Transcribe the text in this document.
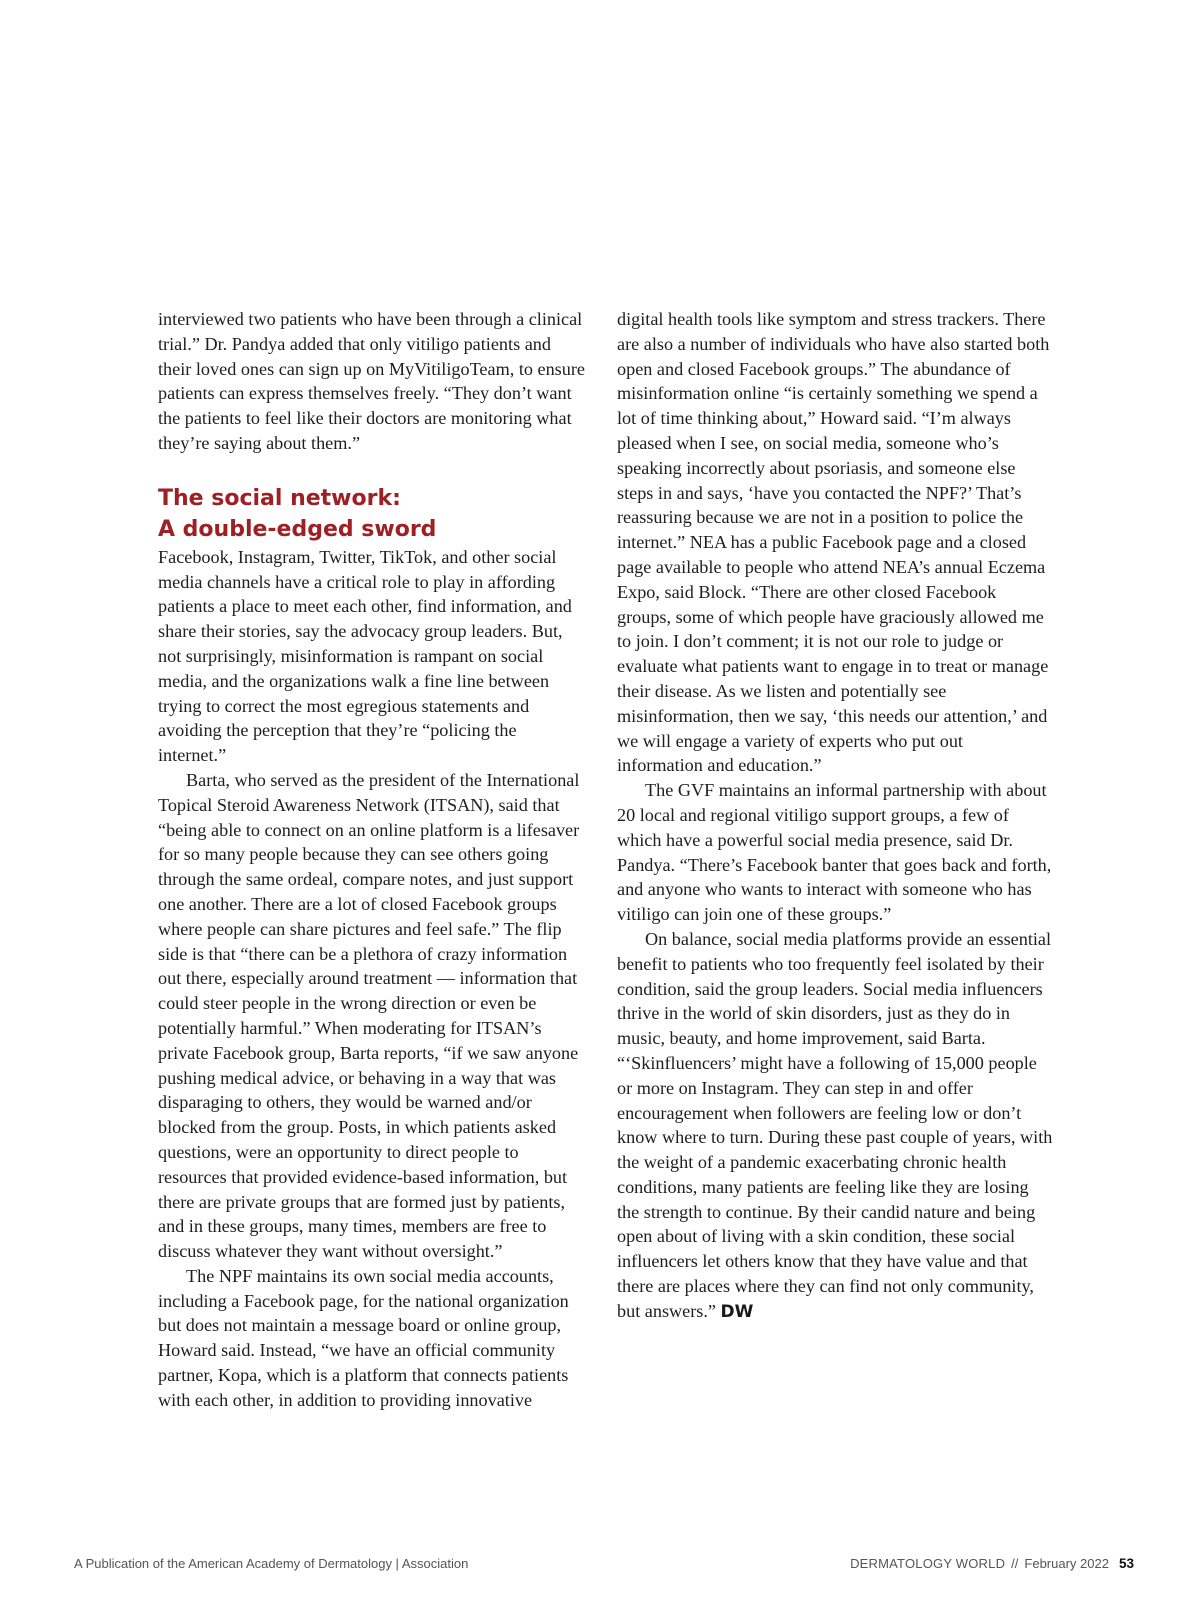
interviewed two patients who have been through a clinical trial.” Dr. Pandya added that only vitiligo patients and their loved ones can sign up on MyVitiligoTeam, to ensure patients can express themselves freely. “They don’t want the patients to feel like their doctors are monitoring what they’re saying about them.”

The social network:
A double-edged sword

Facebook, Instagram, Twitter, TikTok, and other social media channels have a critical role to play in affording patients a place to meet each other, find information, and share their stories, say the advocacy group leaders. But, not surprisingly, misinformation is rampant on social media, and the organizations walk a fine line between trying to correct the most egregious statements and avoiding the perception that they’re “policing the internet.”

Barta, who served as the president of the International Topical Steroid Awareness Network (ITSAN), said that “being able to connect on an online platform is a lifesaver for so many people because they can see others going through the same ordeal, compare notes, and just support one another. There are a lot of closed Facebook groups where people can share pictures and feel safe.” The flip side is that “there can be a plethora of crazy information out there, especially around treatment — information that could steer people in the wrong direction or even be potentially harmful.” When moderating for ITSAN’s private Facebook group, Barta reports, “if we saw anyone pushing medical advice, or behaving in a way that was disparaging to others, they would be warned and/or blocked from the group. Posts, in which patients asked questions, were an opportunity to direct people to resources that provided evidence-based information, but there are private groups that are formed just by patients, and in these groups, many times, members are free to discuss whatever they want without oversight.”

The NPF maintains its own social media accounts, including a Facebook page, for the national organization but does not maintain a message board or online group, Howard said. Instead, “we have an official community partner, Kopa, which is a platform that connects patients with each other, in addition to providing innovative

digital health tools like symptom and stress trackers. There are also a number of individuals who have also started both open and closed Facebook groups.” The abundance of misinformation online “is certainly something we spend a lot of time thinking about,” Howard said. “I’m always pleased when I see, on social media, someone who’s speaking incorrectly about psoriasis, and someone else steps in and says, ‘have you contacted the NPF?’ That’s reassuring because we are not in a position to police the internet.” NEA has a public Facebook page and a closed page available to people who attend NEA’s annual Eczema Expo, said Block. “There are other closed Facebook groups, some of which people have graciously allowed me to join. I don’t comment; it is not our role to judge or evaluate what patients want to engage in to treat or manage their disease. As we listen and potentially see misinformation, then we say, ‘this needs our attention,’ and we will engage a variety of experts who put out information and education.”

The GVF maintains an informal partnership with about 20 local and regional vitiligo support groups, a few of which have a powerful social media presence, said Dr. Pandya. “There’s Facebook banter that goes back and forth, and anyone who wants to interact with someone who has vitiligo can join one of these groups.”

On balance, social media platforms provide an essential benefit to patients who too frequently feel isolated by their condition, said the group leaders. Social media influencers thrive in the world of skin disorders, just as they do in music, beauty, and home improvement, said Barta. “‘Skinfluencers’ might have a following of 15,000 people or more on Instagram. They can step in and offer encouragement when followers are feeling low or don’t know where to turn. During these past couple of years, with the weight of a pandemic exacerbating chronic health conditions, many patients are feeling like they are losing the strength to continue. By their candid nature and being open about of living with a skin condition, these social influencers let others know that they have value and that there are places where they can find not only community, but answers.” DW

A Publication of the American Academy of Dermatology | Association	DERMATOLOGY WORLD // February 2022 53
